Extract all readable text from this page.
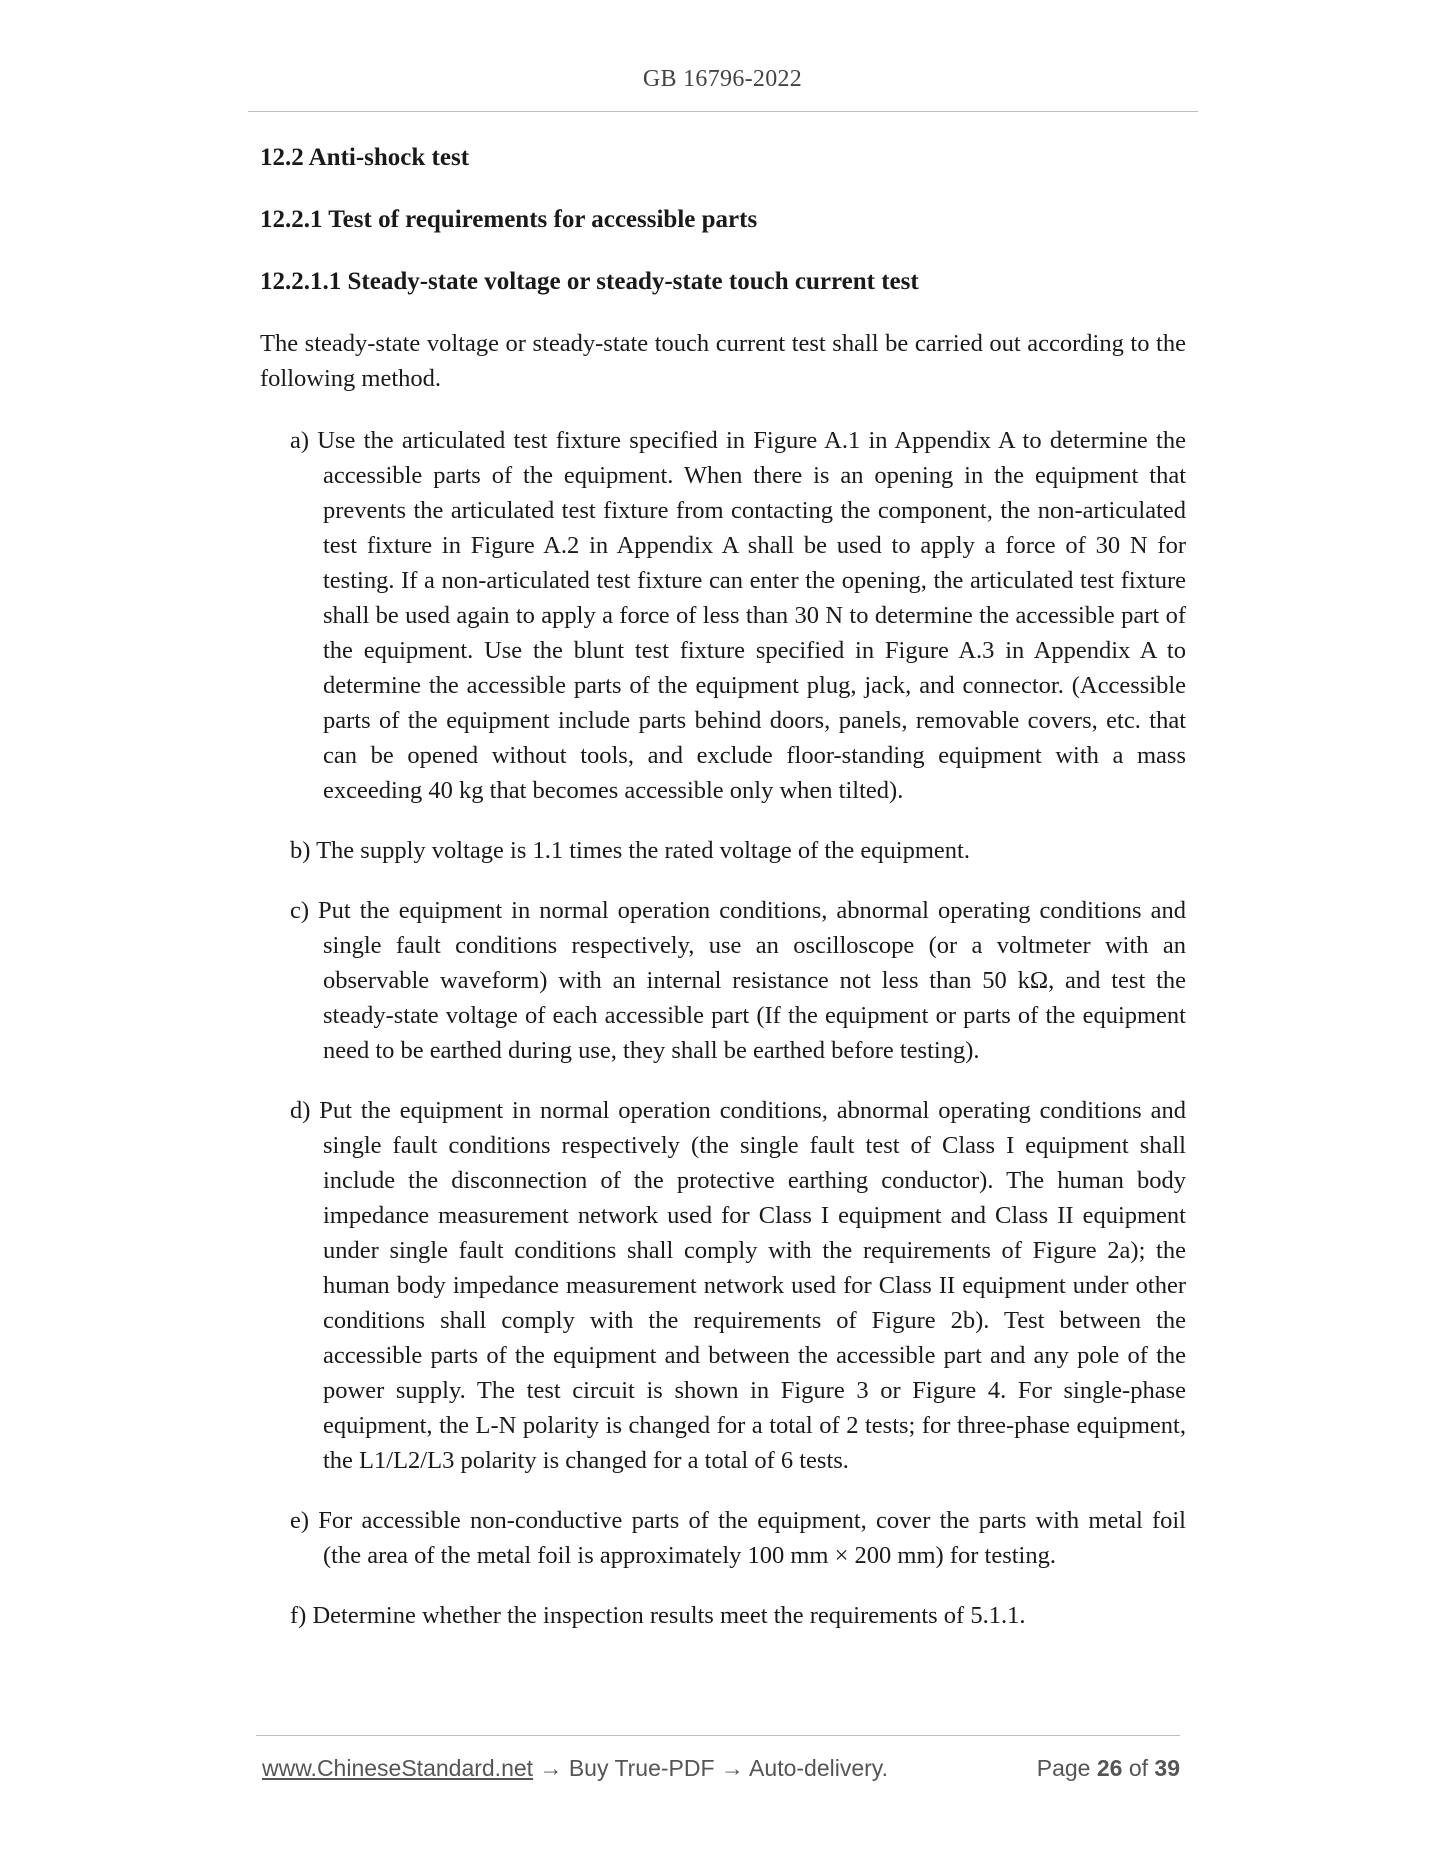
GB 16796-2022
12.2 Anti-shock test
12.2.1 Test of requirements for accessible parts
12.2.1.1 Steady-state voltage or steady-state touch current test

The steady-state voltage or steady-state touch current test shall be carried out according to the following method.

a) Use the articulated test fixture specified in Figure A.1 in Appendix A to determine the accessible parts of the equipment. When there is an opening in the equipment that prevents the articulated test fixture from contacting the component, the non-articulated test fixture in Figure A.2 in Appendix A shall be used to apply a force of 30 N for testing. If a non-articulated test fixture can enter the opening, the articulated test fixture shall be used again to apply a force of less than 30 N to determine the accessible part of the equipment. Use the blunt test fixture specified in Figure A.3 in Appendix A to determine the accessible parts of the equipment plug, jack, and connector. (Accessible parts of the equipment include parts behind doors, panels, removable covers, etc. that can be opened without tools, and exclude floor-standing equipment with a mass exceeding 40 kg that becomes accessible only when tilted).
b) The supply voltage is 1.1 times the rated voltage of the equipment.
c) Put the equipment in normal operation conditions, abnormal operating conditions and single fault conditions respectively, use an oscilloscope (or a voltmeter with an observable waveform) with an internal resistance not less than 50 kΩ, and test the steady-state voltage of each accessible part (If the equipment or parts of the equipment need to be earthed during use, they shall be earthed before testing).
d) Put the equipment in normal operation conditions, abnormal operating conditions and single fault conditions respectively (the single fault test of Class I equipment shall include the disconnection of the protective earthing conductor). The human body impedance measurement network used for Class I equipment and Class II equipment under single fault conditions shall comply with the requirements of Figure 2a); the human body impedance measurement network used for Class II equipment under other conditions shall comply with the requirements of Figure 2b). Test between the accessible parts of the equipment and between the accessible part and any pole of the power supply. The test circuit is shown in Figure 3 or Figure 4. For single-phase equipment, the L-N polarity is changed for a total of 2 tests; for three-phase equipment, the L1/L2/L3 polarity is changed for a total of 6 tests.
e) For accessible non-conductive parts of the equipment, cover the parts with metal foil (the area of the metal foil is approximately 100 mm × 200 mm) for testing.
f) Determine whether the inspection results meet the requirements of 5.1.1.
www.ChineseStandard.net → Buy True-PDF → Auto-delivery.	Page 26 of 39
